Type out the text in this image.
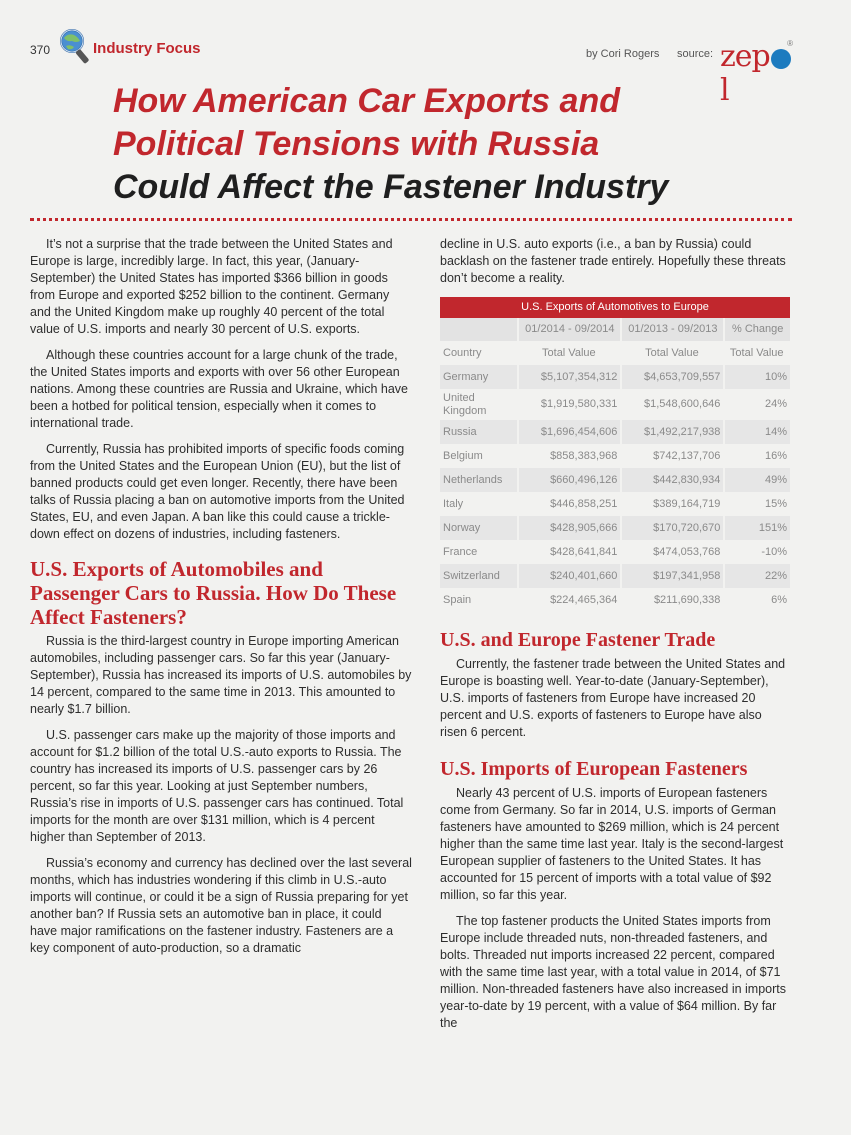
370	Industry Focus	by Cori Rogers source: zepl
®
How American Car Exports and
Political Tensions with Russia
Could Affect the Fastener Industry

It’s not a surprise that the trade between the United States and Europe is large, incredibly large. In fact, this year, (January-September) the United States has imported $366 billion in goods from Europe and exported $252 billion to the continent. Germany and the United Kingdom make up roughly 40 percent of the total value of U.S. imports and nearly 30 percent of U.S. exports.

Although these countries account for a large chunk of the trade, the United States imports and exports with over 56 other European nations. Among these countries are Russia and Ukraine, which have been a hotbed for political tension, especially when it comes to international trade.

Currently, Russia has prohibited imports of specific foods coming from the United States and the European Union (EU), but the list of banned products could get even longer. Recently, there have been talks of Russia placing a ban on automotive imports from the United States, EU, and even Japan. A ban like this could cause a trickle-down effect on dozens of industries, including fasteners.

U.S. Exports of Automobiles and Passenger Cars to Russia. How Do These Affect Fasteners?

Russia is the third-largest country in Europe importing American automobiles, including passenger cars. So far this year (January-September), Russia has increased its imports of U.S. automobiles by 14 percent, compared to the same time in 2013. This amounted to nearly $1.7 billion.

U.S. passenger cars make up the majority of those imports and account for $1.2 billion of the total U.S.-auto exports to Russia. The country has increased its imports of U.S. passenger cars by 26 percent, so far this year. Looking at just September numbers, Russia’s rise in imports of U.S. passenger cars has continued. Total imports for the month are over $131 million, which is 4 percent higher than September of 2013.

Russia’s economy and currency has declined over the last several months, which has industries wondering if this climb in U.S.-auto imports will continue, or could it be a sign of Russia preparing for yet another ban? If Russia sets an automotive ban in place, it could have major ramifications on the fastener industry. Fasteners are a key component of auto-production, so a dramatic

decline in U.S. auto exports (i.e., a ban by Russia) could backlash on the fastener trade entirely. Hopefully these threats don’t become a reality.

U.S. Exports of Automotives to Europe			
	01/2014 - 09/2014	01/2013 - 09/2013	% Change
Country	Total Value	Total Value	Total Value
Germany	$5,107,354,312	$4,653,709,557	10%
United Kingdom	$1,919,580,331	$1,548,600,646	24%
Russia	$1,696,454,606	$1,492,217,938	14%
Belgium	$858,383,968	$742,137,706	16%
Netherlands	$660,496,126	$442,830,934	49%
Italy	$446,858,251	$389,164,719	15%
Norway	$428,905,666	$170,720,670	151%
France	$428,641,841	$474,053,768	-10%
Switzerland	$240,401,660	$197,341,958	22%
Spain	$224,465,364	$211,690,338	6%
U.S. and Europe Fastener Trade

Currently, the fastener trade between the United States and Europe is boasting well. Year-to-date (January-September), U.S. imports of fasteners from Europe have increased 20 percent and U.S. exports of fasteners to Europe have also risen 6 percent.

U.S. Imports of European Fasteners

Nearly 43 percent of U.S. imports of European fasteners come from Germany. So far in 2014, U.S. imports of German fasteners have amounted to $269 million, which is 24 percent higher than the same time last year. Italy is the second-largest European supplier of fasteners to the United States. It has accounted for 15 percent of imports with a total value of $92 million, so far this year.

The top fastener products the United States imports from Europe include threaded nuts, non-threaded fasteners, and bolts. Threaded nut imports increased 22 percent, compared with the same time last year, with a total value in 2014, of $71 million. Non-threaded fasteners have also increased in imports year-to-date by 19 percent, with a value of $64 million. By far the
